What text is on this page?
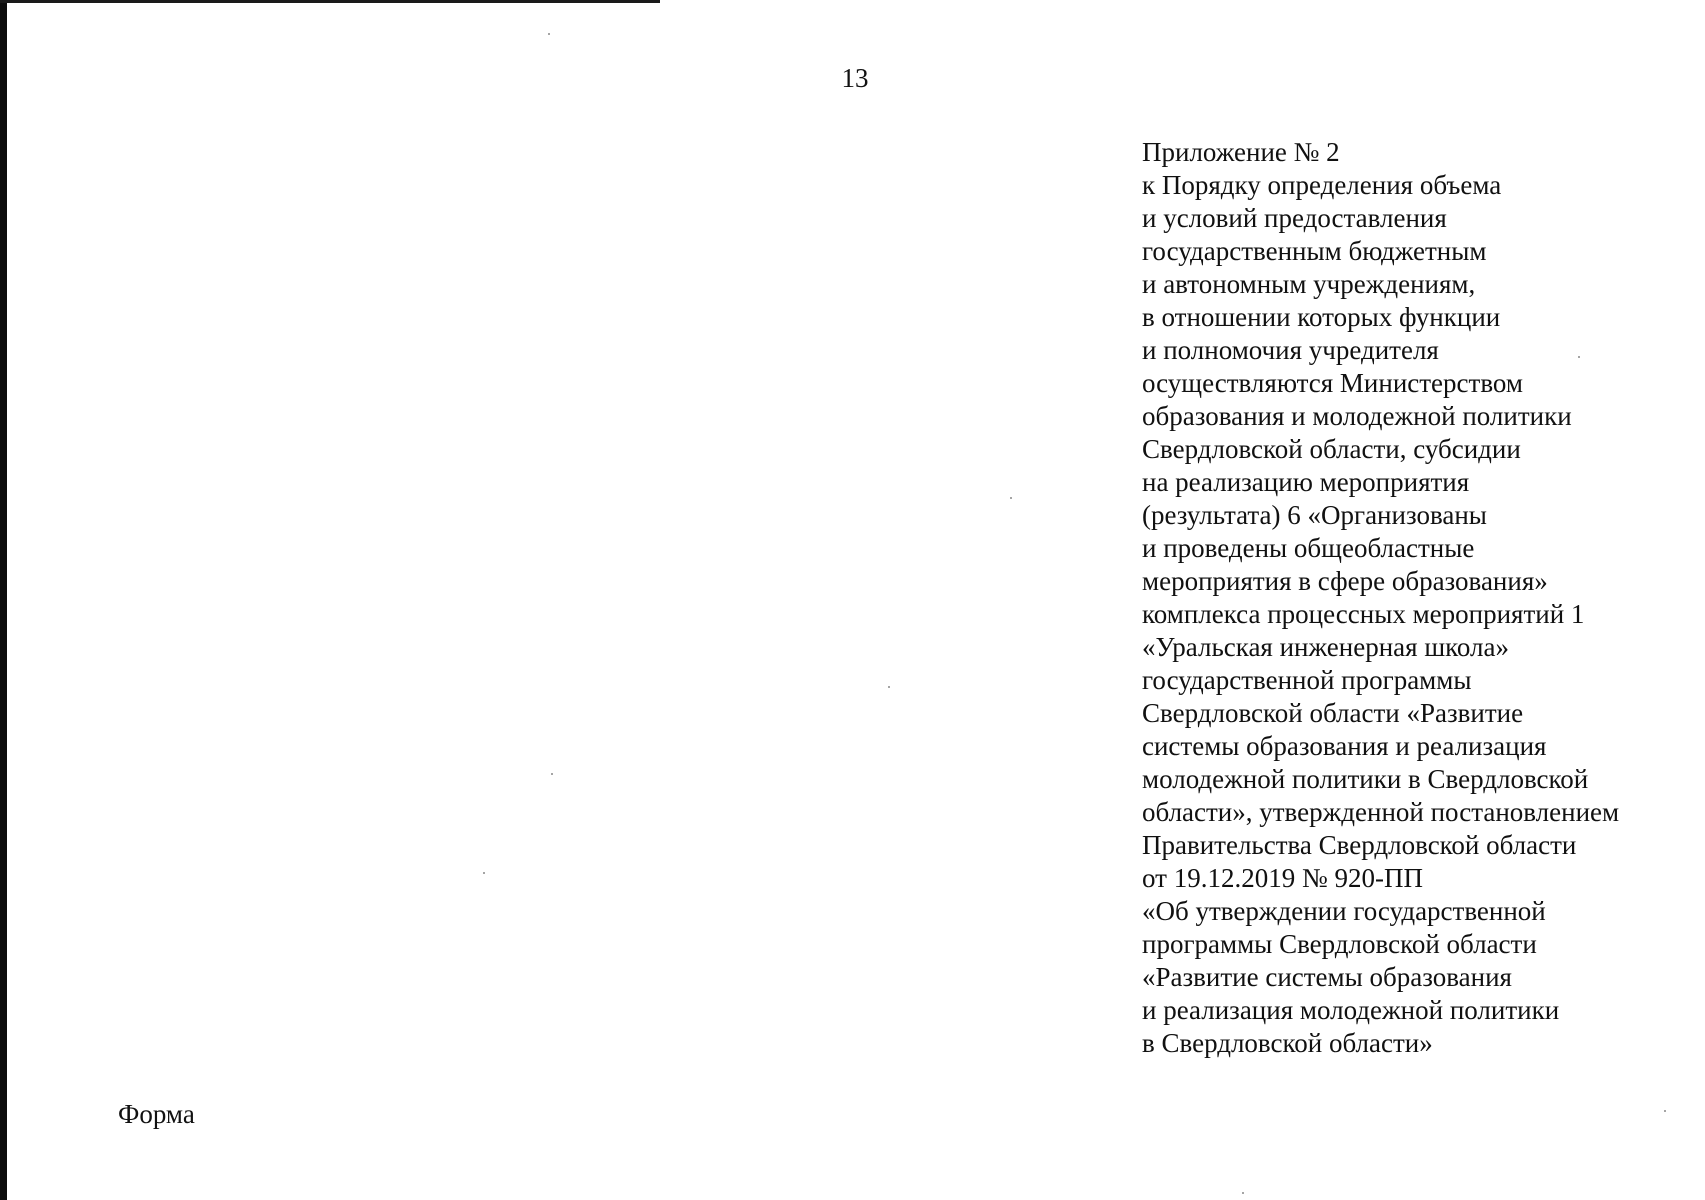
13
Приложение № 2
к Порядку определения объема
и условий предоставления
государственным бюджетным
и автономным учреждениям,
в отношении которых функции
и полномочия учредителя
осуществляются Министерством
образования и молодежной политики
Свердловской области, субсидии
на реализацию мероприятия
(результата) 6 «Организованы
и проведены общеобластные
мероприятия в сфере образования»
комплекса процессных мероприятий 1
«Уральская инженерная школа»
государственной программы
Свердловской области «Развитие
системы образования и реализация
молодежной политики в Свердловской
области», утвержденной постановлением
Правительства Свердловской области
от 19.12.2019 № 920-ПП
«Об утверждении государственной
программы Свердловской области
«Развитие системы образования
и реализация молодежной политики
в Свердловской области»
Форма
